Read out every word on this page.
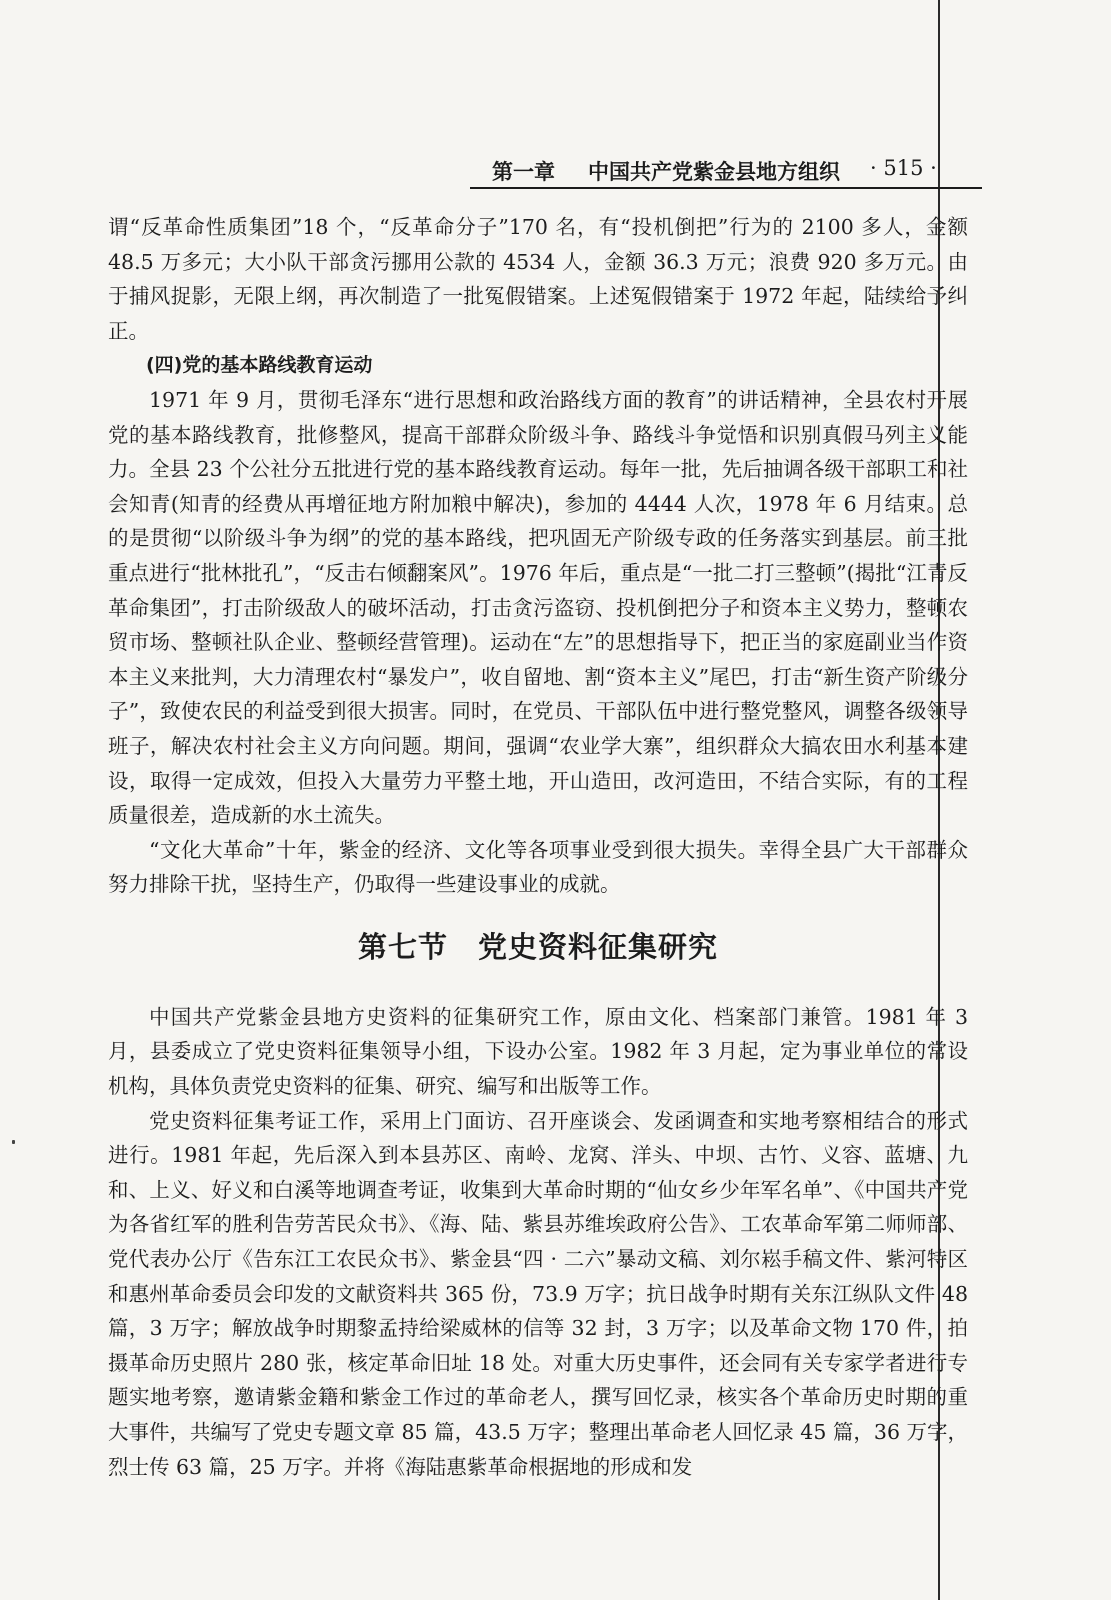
第一章 中国共产党紫金县地方组织 · 515 ·

谓“反革命性质集团”18 个，“反革命分子”170 名，有“投机倒把”行为的 2100 多人，金额 48.5 万多元；大小队干部贪污挪用公款的 4534 人，金额 36.3 万元；浪费 920 多万元。由于捕风捉影，无限上纲，再次制造了一批冤假错案。上述冤假错案于 1972 年起，陆续给予纠正。

(四)党的基本路线教育运动

1971 年 9 月，贯彻毛泽东“进行思想和政治路线方面的教育”的讲话精神，全县农村开展党的基本路线教育，批修整风，提高干部群众阶级斗争、路线斗争觉悟和识别真假马列主义能力。全县 23 个公社分五批进行党的基本路线教育运动。每年一批，先后抽调各级干部职工和社会知青(知青的经费从再增征地方附加粮中解决)，参加的 4444 人次，1978 年 6 月结束。总的是贯彻“以阶级斗争为纲”的党的基本路线，把巩固无产阶级专政的任务落实到基层。前三批重点进行“批林批孔”，“反击右倾翻案风”。1976 年后，重点是“一批二打三整顿”(揭批“江青反革命集团”，打击阶级敌人的破坏活动，打击贪污盗窃、投机倒把分子和资本主义势力，整顿农贸市场、整顿社队企业、整顿经营管理)。运动在“左”的思想指导下，把正当的家庭副业当作资本主义来批判，大力清理农村“暴发户”，收自留地、割“资本主义”尾巴，打击“新生资产阶级分子”，致使农民的利益受到很大损害。同时，在党员、干部队伍中进行整党整风，调整各级领导班子，解决农村社会主义方向问题。期间，强调“农业学大寨”，组织群众大搞农田水利基本建设，取得一定成效，但投入大量劳力平整土地，开山造田，改河造田，不结合实际，有的工程质量很差，造成新的水土流失。

“文化大革命”十年，紫金的经济、文化等各项事业受到很大损失。幸得全县广大干部群众努力排除干扰，坚持生产，仍取得一些建设事业的成就。

第七节　党史资料征集研究

中国共产党紫金县地方史资料的征集研究工作，原由文化、档案部门兼管。1981 年 3 月，县委成立了党史资料征集领导小组，下设办公室。1982 年 3 月起，定为事业单位的常设机构，具体负责党史资料的征集、研究、编写和出版等工作。

党史资料征集考证工作，采用上门面访、召开座谈会、发函调查和实地考察相结合的形式进行。1981 年起，先后深入到本县苏区、南岭、龙窝、洋头、中坝、古竹、义容、蓝塘、九和、上义、好义和白溪等地调查考证，收集到大革命时期的“仙女乡少年军名单”、《中国共产党为各省红军的胜利告劳苦民众书》、《海、陆、紫县苏维埃政府公告》、工农革命军第二师师部、党代表办公厅《告东江工农民众书》、紫金县“四 · 二六”暴动文稿、刘尔崧手稿文件、紫河特区和惠州革命委员会印发的文献资料共 365 份，73.9 万字；抗日战争时期有关东江纵队文件 48 篇，3 万字；解放战争时期黎孟持给梁威林的信等 32 封，3 万字；以及革命文物 170 件，拍摄革命历史照片 280 张，核定革命旧址 18 处。对重大历史事件，还会同有关专家学者进行专题实地考察，邀请紫金籍和紫金工作过的革命老人，撰写回忆录，核实各个革命历史时期的重大事件，共编写了党史专题文章 85 篇，43.5 万字；整理出革命老人回忆录 45 篇，36 万字，烈士传 63 篇，25 万字。并将《海陆惠紫革命根据地的形成和发
